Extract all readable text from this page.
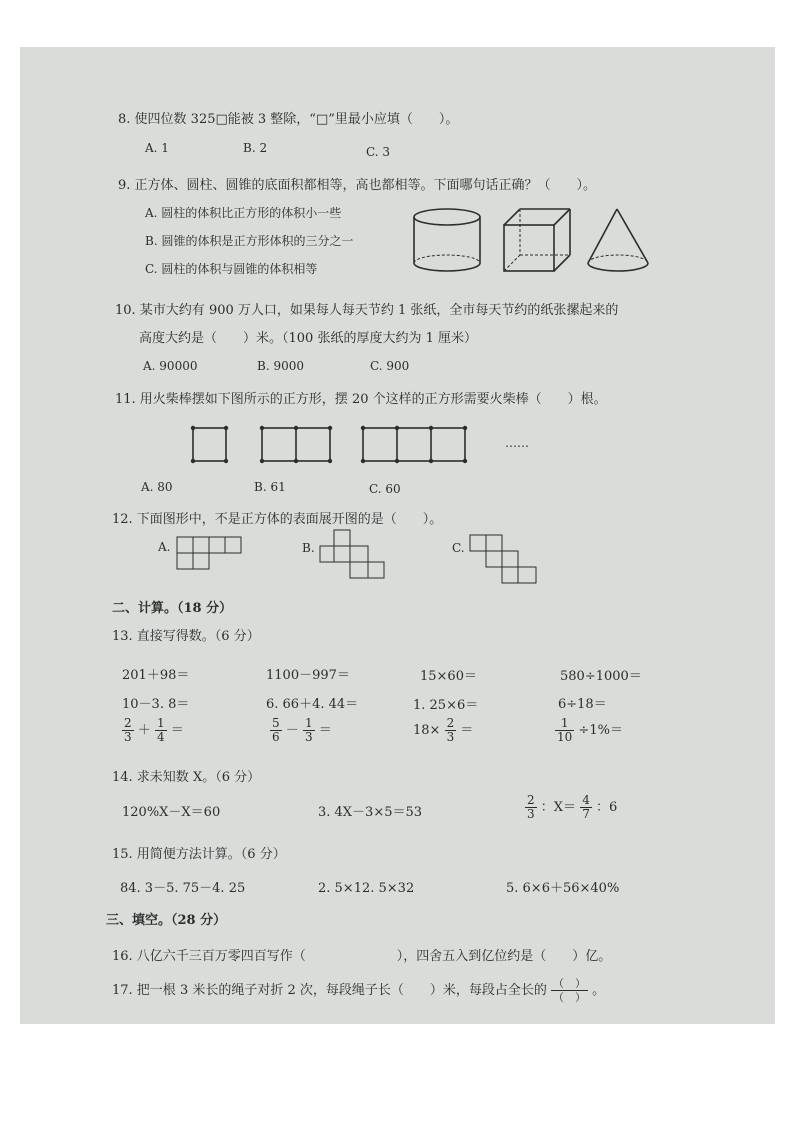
8. 使四位数 325□能被 3 整除，“□”里最小应填（　　）。
A. 1	B. 2	C. 3
9. 正方体、圆柱、圆锥的底面积都相等，高也都相等。下面哪句话正确？（　　）。
A. 圆柱的体积比正方形的体积小一些
B. 圆锥的体积是正方形体积的三分之一
C. 圆柱的体积与圆锥的体积相等
10. 某市大约有 900 万人口，如果每人每天节约 1 张纸，全市每天节约的纸张摞起来的
高度大约是（　　）米。（100 张纸的厚度大约为 1 厘米）
A. 90000	B. 9000	C. 900
11. 用火柴棒摆如下图所示的正方形，摆 20 个这样的正方形需要火柴棒（　　）根。
……
A. 80	B. 61	C. 60
12. 下面图形中，不是正方体的表面展开图的是（　　）。
A.	B.	C.
二、计算。（18 分）
13. 直接写得数。（6 分）
201＋98＝	1100－997＝	15×60＝	580÷1000＝
10－3. 8＝	6. 66＋4. 44＝	1. 25×6＝	6÷18＝
$\frac{2}{3} + \frac{1}{4}$ ＝	$\frac{5}{6} - \frac{1}{3}$ ＝	$18\times \frac{2}{3}$ ＝	$\frac{1}{10} \div 1\%=$
14. 求未知数 X。（6 分）
120%X－X＝60	3. 4X－3×5＝53	$\frac{2}{3}$ ：$X= \frac{4}{7}$ ：6
15. 用简便方法计算。（6 分）
84. 3－5. 75－4. 25	2. 5×12. 5×32	5. 6×6＋56×40%
三、填空。（28 分）
16. 八亿六千三百万零四百写作（　　　　　　　），四舍五入到亿位约是（　　）亿。
17. 把一根 3 米长的绳子对折 2 次，每段绳子长（　　）米，每段占全长的 $\frac{( )}{( )}$ 。
